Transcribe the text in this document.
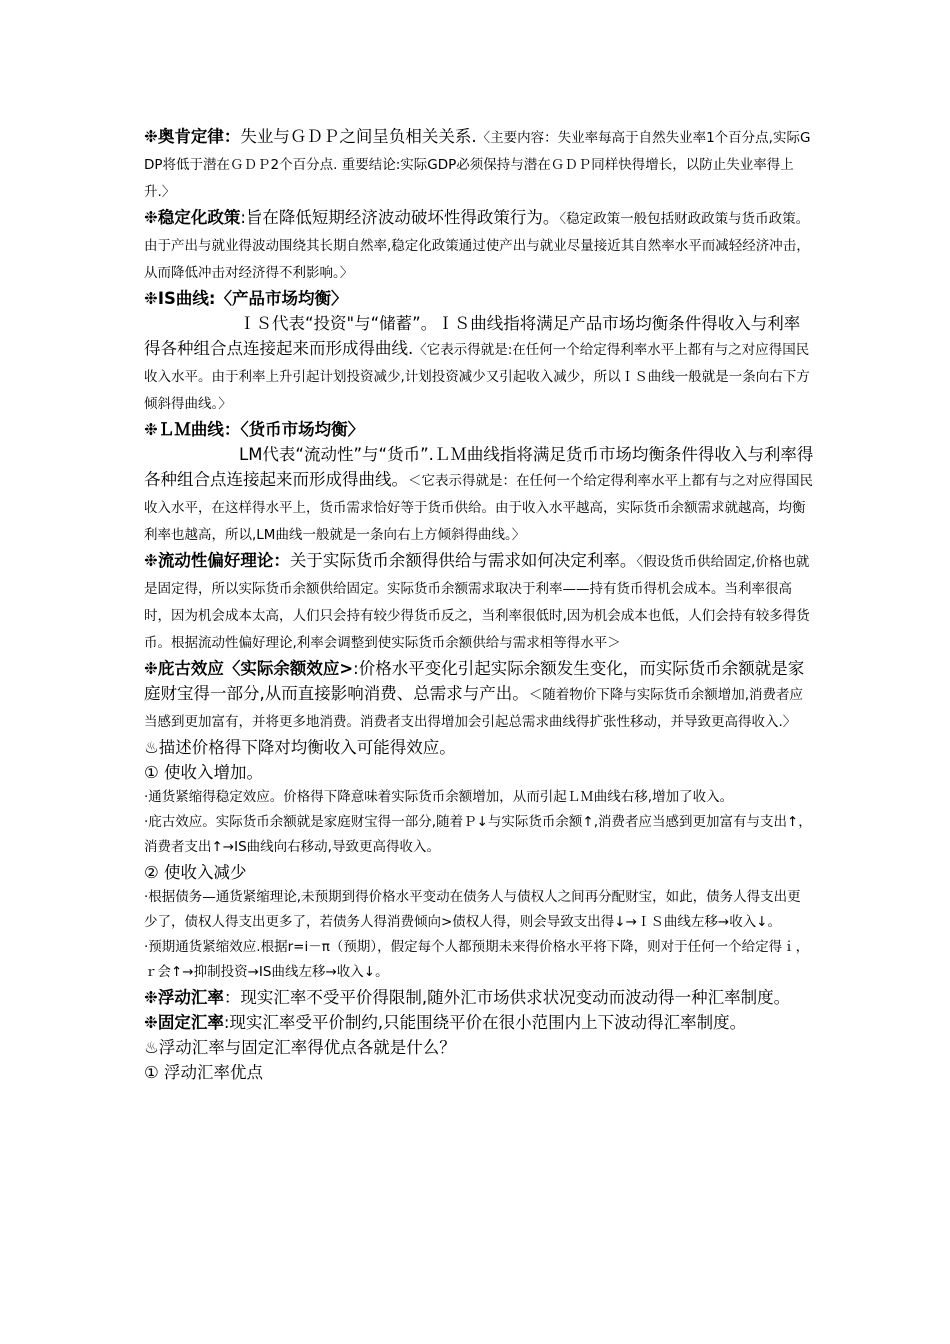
❉奥肯定律：失业与ＧＤＰ之间呈负相关关系.〈主要内容：失业率每高于自然失业率1个百分点,实际GDP将低于潜在ＧＤＰ2个百分点. 重要结论:实际GDP必须保持与潜在ＧＤＰ同样快得增长，以防止失业率得上升.〉

❉稳定化政策:旨在降低短期经济波动破坏性得政策行为。〈稳定政策一般包括财政政策与货币政策。由于产出与就业得波动围绕其长期自然率,稳定化政策通过使产出与就业尽量接近其自然率水平而减轻经济冲击，从而降低冲击对经济得不利影响。〉

❉IS曲线:〈产品市场均衡〉

ＩＳ代表“投资"与“储蓄”。ＩＳ曲线指将满足产品市场均衡条件得收入与利率得各种组合点连接起来而形成得曲线.〈它表示得就是:在任何一个给定得利率水平上都有与之对应得国民收入水平。由于利率上升引起计划投资减少,计划投资减少又引起收入减少，所以ＩＳ曲线一般就是一条向右下方倾斜得曲线。〉

❉ＬＭ曲线：〈货币市场均衡〉

LM代表“流动性”与“货币”.ＬＭ曲线指将满足货币市场均衡条件得收入与利率得各种组合点连接起来而形成得曲线。＜它表示得就是：在任何一个给定得利率水平上都有与之对应得国民收入水平，在这样得水平上，货币需求恰好等于货币供给。由于收入水平越高，实际货币余额需求就越高，均衡利率也越高，所以,LM曲线一般就是一条向右上方倾斜得曲线。〉

❉流动性偏好理论：关于实际货币余额得供给与需求如何决定利率。〈假设货币供给固定,价格也就是固定得，所以实际货币余额供给固定。实际货币余额需求取决于利率——持有货币得机会成本。当利率很高时，因为机会成本太高，人们只会持有较少得货币反之，当利率很低时,因为机会成本也低，人们会持有较多得货币。根据流动性偏好理论,利率会调整到使实际货币余额供给与需求相等得水平＞

❉庇古效应〈实际余额效应>:价格水平变化引起实际余额发生变化，而实际货币余额就是家庭财宝得一部分,从而直接影响消费、总需求与产出。＜随着物价下降与实际货币余额增加,消费者应当感到更加富有，并将更多地消费。消费者支出得增加会引起总需求曲线得扩张性移动，并导致更高得收入.〉

♨描述价格得下降对均衡收入可能得效应。

① 使收入增加。

·通货紧缩得稳定效应。价格得下降意味着实际货币余额增加，从而引起ＬＭ曲线右移,增加了收入。

·庇古效应。实际货币余额就是家庭财宝得一部分,随着Ｐ↓与实际货币余额↑,消费者应当感到更加富有与支出↑，消费者支出↑→IS曲线向右移动,导致更高得收入。

② 使收入减少

·根据债务—通货紧缩理论,未预期到得价格水平变动在债务人与债权人之间再分配财宝，如此，债务人得支出更少了，债权人得支出更多了，若债务人得消费倾向>债权人得，则会导致支出得↓→ＩＳ曲线左移→收入↓。

·预期通货紧缩效应.根据r=i－π（预期），假定每个人都预期未来得价格水平将下降，则对于任何一个给定得ｉ，ｒ会↑→抑制投资→IS曲线左移→收入↓。

❉浮动汇率：现实汇率不受平价得限制,随外汇市场供求状况变动而波动得一种汇率制度。

❉固定汇率:现实汇率受平价制约,只能围绕平价在很小范围内上下波动得汇率制度。

♨浮动汇率与固定汇率得优点各就是什么？

① 浮动汇率优点
